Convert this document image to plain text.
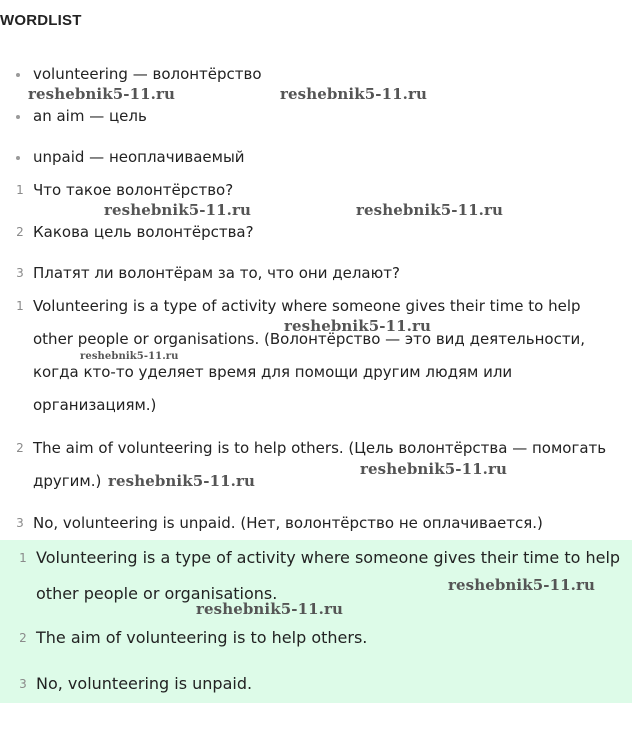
WORDLIST
volunteering — волонтёрство
an aim — цель
unpaid — неоплачиваемый
1 Что такое волонтёрство?
2 Какова цель волонтёрства?
3 Платят ли волонтёрам за то, что они делают?
1 Volunteering is a type of activity where someone gives their time to help
other people or organisations. (Волонтёрство — это вид деятельности,
когда кто-то уделяет время для помощи другим людям или
организациям.)
2 The aim of volunteering is to help others. (Цель волонтёрства — помогать
другим.)
3 No, volunteering is unpaid. (Нет, волонтёрство не оплачивается.)
1 Volunteering is a type of activity where someone gives their time to help
other people or organisations.
2 The aim of volunteering is to help others.
3 No, volunteering is unpaid.
reshebnik5-11.ru	reshebnik5-11.ru
reshebnik5-11.ru	reshebnik5-11.ru
reshebnik5-11.ru
reshebnik5-11.ru
reshebnik5-11.ru
reshebnik5-11.ru
reshebnik5-11.ru
reshebnik5-11.ru
